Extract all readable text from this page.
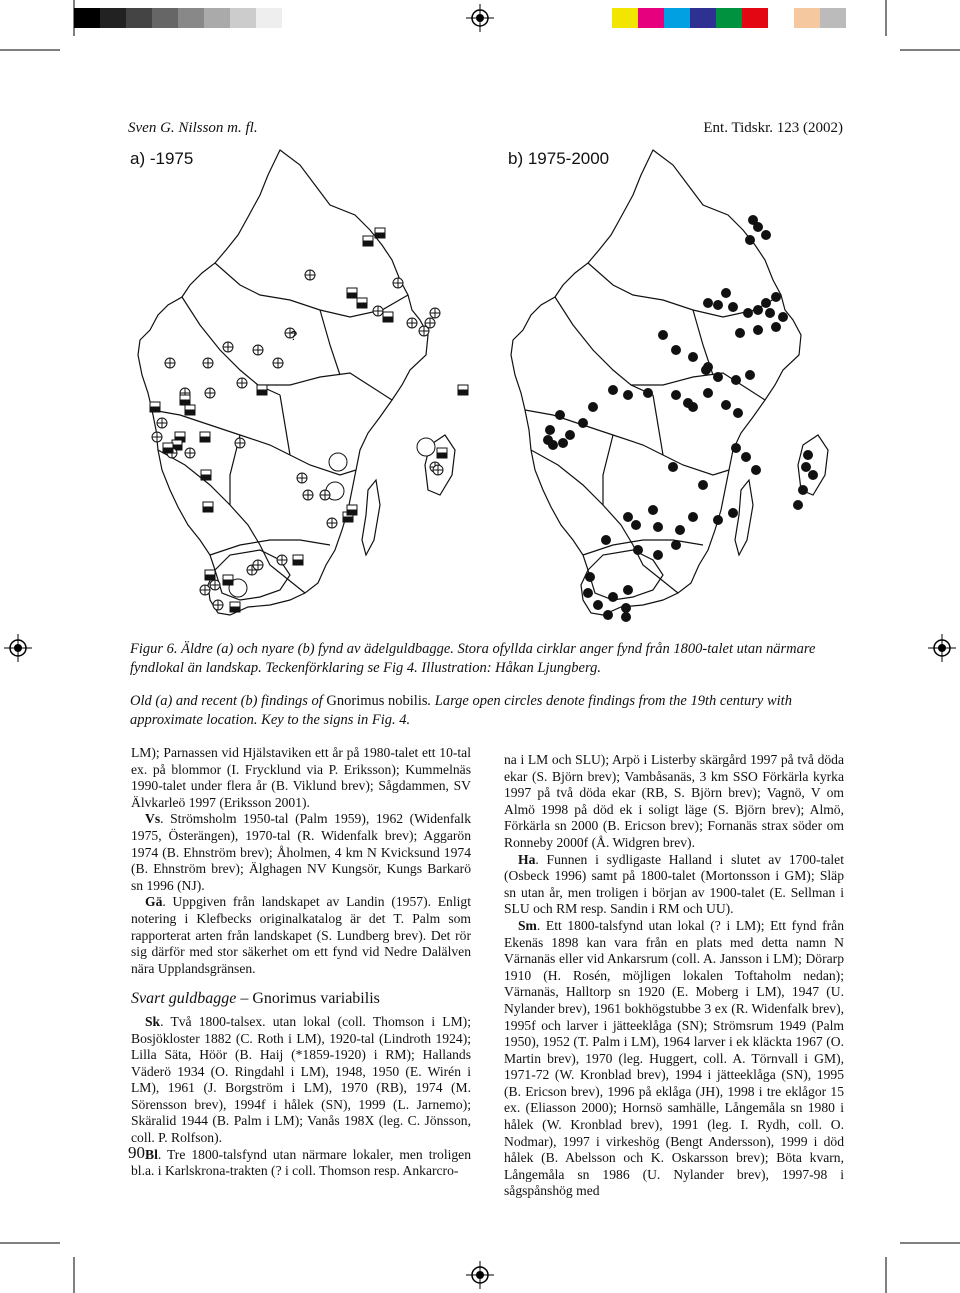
Sven G. Nilsson m. fl.	Ent. Tidskr. 123 (2002)
a) -1975	b) 1975-2000
?
Figur 6. Äldre (a) och nyare (b) fynd av ädelguldbagge. Stora ofyllda cirklar anger fynd från 1800-talet utan närmare fyndlokal än landskap. Teckenförklaring se Fig 4. Illustration: Håkan Ljungberg.
Old (a) and recent (b) findings of Gnorimus nobilis. Large open circles denote findings from the 19th century with approximate location. Key to the signs in Fig. 4.

LM); Parnassen vid Hjälstaviken ett år på 1980-talet ett 10-tal ex. på blommor (I. Frycklund via P. Eriksson); Kummelnäs 1990-talet under flera år (B. Viklund brev); Sågdammen, SV Älvkarleö 1997 (Eriksson 2001).

Vs. Strömsholm 1950-tal (Palm 1959), 1962 (Widenfalk 1975, Österängen), 1970-tal (R. Widenfalk brev); Aggarön 1974 (B. Ehnström brev); Åholmen, 4 km N Kvicksund 1974 (B. Ehnström brev); Älghagen NV Kungsör, Kungs Barkarö sn 1996 (NJ).

Gä. Uppgiven från landskapet av Landin (1957). Enligt notering i Klefbecks originalkatalog är det T. Palm som rapporterat arten från landskapet (S. Lundberg brev). Det rör sig därför med stor säkerhet om ett fynd vid Nedre Dalälven nära Upplandsgränsen.

Svart guldbagge – Gnorimus variabilis

Sk. Två 1800-talsex. utan lokal (coll. Thomson i LM); Bosjökloster 1882 (C. Roth i LM), 1920-tal (Lindroth 1924); Lilla Säta, Höör (B. Haij (*1859-1920) i RM); Hallands Väderö 1934 (O. Ringdahl i LM), 1948, 1950 (E. Wirén i LM), 1961 (J. Borgström i LM), 1970 (RB), 1974 (M. Sörensson brev), 1994f i hålek (SN), 1999 (L. Jarnemo); Skäralid 1944 (B. Palm i LM); Vanås 198X (leg. C. Jönsson, coll. P. Rolfson).

Bl. Tre 1800-talsfynd utan närmare lokaler, men troligen bl.a. i Karlskrona-trakten (? i coll. Thomson resp. Ankarcro-

na i LM och SLU); Arpö i Listerby skärgård 1997 på två döda ekar (S. Björn brev); Vambåsanäs, 3 km SSO Förkärla kyrka 1997 på två döda ekar (RB, S. Björn brev); Vagnö, V om Almö 1998 på död ek i soligt läge (S. Björn brev); Almö, Förkärla sn 2000 (B. Ericson brev); Fornanäs strax söder om Ronneby 2000f (Å. Widgren brev).

Ha. Funnen i sydligaste Halland i slutet av 1700-talet (Osbeck 1996) samt på 1800-talet (Mortonsson i GM); Släp sn utan år, men troligen i början av 1900-talet (E. Sellman i SLU och RM resp. Sandin i RM och UU).

Sm. Ett 1800-talsfynd utan lokal (? i LM); Ett fynd från Ekenäs 1898 kan vara från en plats med detta namn N Värnanäs eller vid Ankarsrum (coll. A. Jansson i LM); Dörarp 1910 (H. Rosén, möjligen lokalen Toftaholm nedan); Värnanäs, Halltorp sn 1920 (E. Moberg i LM), 1947 (U. Nylander brev), 1961 bokhögstubbe 3 ex (R. Widenfalk brev), 1995f och larver i jätteeklåga (SN); Strömsrum 1949 (Palm 1950), 1952 (T. Palm i LM), 1964 larver i ek kläckta 1967 (O. Martin brev), 1970 (leg. Huggert, coll. A. Törnvall i GM), 1971-72 (W. Kronblad brev), 1994 i jätteeklåga (SN), 1995 (B. Ericson brev), 1996 på eklåga (JH), 1998 i tre eklågor 15 ex. (Eliasson 2000); Hornsö samhälle, Långemåla sn 1980 i hålek (W. Kronblad brev), 1991 (leg. I. Rydh, coll. O. Nodmar), 1997 i virkeshög (Bengt Andersson), 1999 i död hålek (B. Abelsson och K. Oskarsson brev); Böta kvarn, Långemåla sn 1986 (U. Nylander brev), 1997-98 i sågspånshög med

90
